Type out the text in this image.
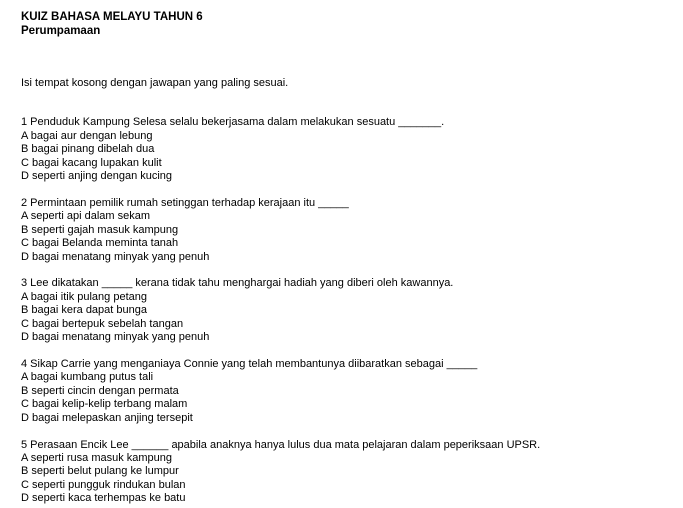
KUIZ BAHASA MELAYU TAHUN 6

Perumpamaan

Isi tempat kosong dengan jawapan yang paling sesuai.

1 Penduduk Kampung Selesa selalu bekerjasama dalam melakukan sesuatu _______.

A bagai aur dengan lebung

B bagai pinang dibelah dua

C bagai kacang lupakan kulit

D seperti anjing dengan kucing

2 Permintaan pemilik rumah setinggan terhadap kerajaan itu _____

A seperti api dalam sekam

B seperti gajah masuk kampung

C bagai Belanda meminta tanah

D bagai menatang minyak yang penuh

3 Lee dikatakan _____ kerana tidak tahu menghargai hadiah yang diberi oleh kawannya.

A bagai itik pulang petang

B bagai kera dapat bunga

C bagai bertepuk sebelah tangan

D bagai menatang minyak yang penuh

4 Sikap Carrie yang menganiaya Connie yang telah membantunya diibaratkan sebagai _____

A bagai kumbang putus tali

B seperti cincin dengan permata

C bagai kelip-kelip terbang malam

D bagai melepaskan anjing tersepit

5 Perasaan Encik Lee ______ apabila anaknya hanya lulus dua mata pelajaran dalam peperiksaan UPSR.

A seperti rusa masuk kampung

B seperti belut pulang ke lumpur

C seperti pungguk rindukan bulan

D seperti kaca terhempas ke batu
